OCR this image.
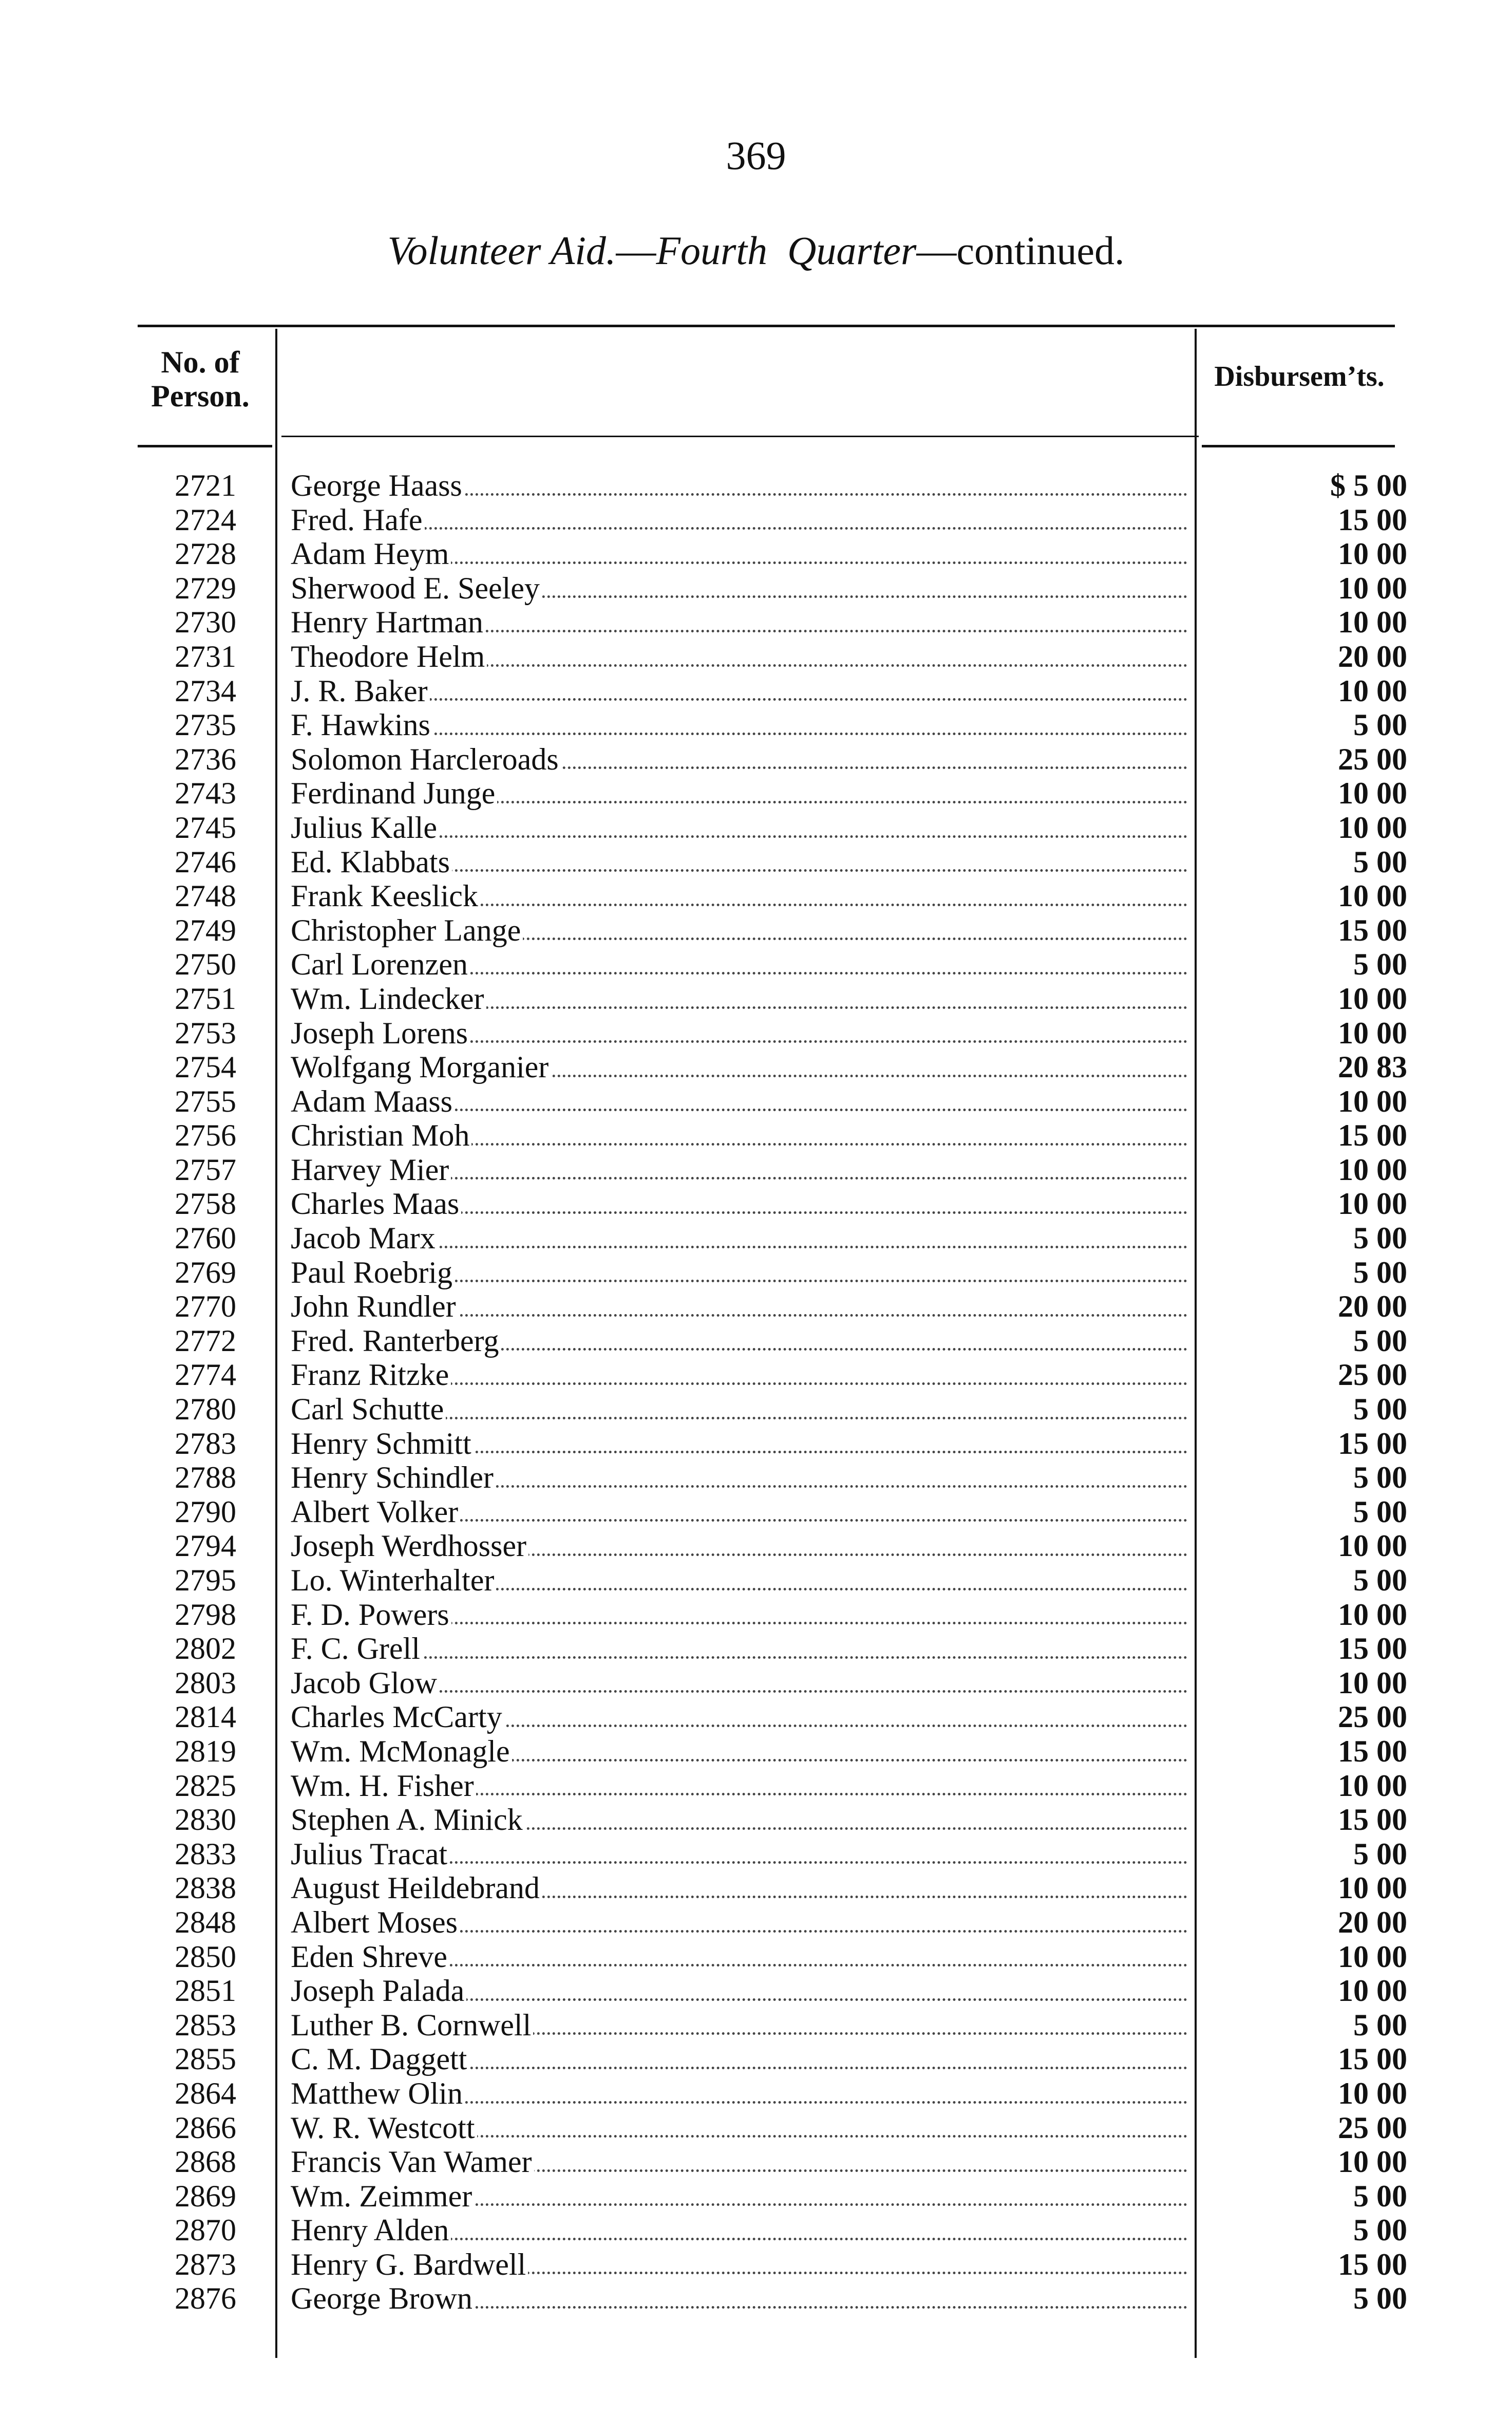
369
Volunteer Aid.—Fourth Quarter—continued.
No. of
Person.
Disbursem’ts.
2721 George Haass	$ 5 00
2724 Fred. Hafe	15 00
2728 Adam Heym	10 00
2729 Sherwood E. Seeley	10 00
2730 Henry Hartman	10 00
2731 Theodore Helm	20 00
2734 J. R. Baker	10 00
2735 F. Hawkins	5 00
2736 Solomon Harcleroads	25 00
2743 Ferdinand Junge	10 00
2745 Julius Kalle	10 00
2746 Ed. Klabbats	5 00
2748 Frank Keeslick	10 00
2749 Christopher Lange	15 00
2750 Carl Lorenzen	5 00
2751 Wm. Lindecker	10 00
2753 Joseph Lorens	10 00
2754 Wolfgang Morganier	20 83
2755 Adam Maass	10 00
2756 Christian Moh	15 00
2757 Harvey Mier	10 00
2758 Charles Maas	10 00
2760 Jacob Marx	5 00
2769 Paul Roebrig	5 00
2770 John Rundler	20 00
2772 Fred. Ranterberg	5 00
2774 Franz Ritzke	25 00
2780 Carl Schutte	5 00
2783 Henry Schmitt	15 00
2788 Henry Schindler	5 00
2790 Albert Volker	5 00
2794 Joseph Werdhosser	10 00
2795 Lo. Winterhalter	5 00
2798 F. D. Powers	10 00
2802 F. C. Grell	15 00
2803 Jacob Glow	10 00
2814 Charles McCarty	25 00
2819 Wm. McMonagle	15 00
2825 Wm. H. Fisher	10 00
2830 Stephen A. Minick	15 00
2833 Julius Tracat	5 00
2838 August Heildebrand	10 00
2848 Albert Moses	20 00
2850 Eden Shreve	10 00
2851 Joseph Palada	10 00
2853 Luther B. Cornwell	5 00
2855 C. M. Daggett	15 00
2864 Matthew Olin	10 00
2866 W. R. Westcott	25 00
2868 Francis Van Wamer	10 00
2869 Wm. Zeimmer	5 00
2870 Henry Alden	5 00
2873 Henry G. Bardwell	15 00
2876 George Brown	5 00
